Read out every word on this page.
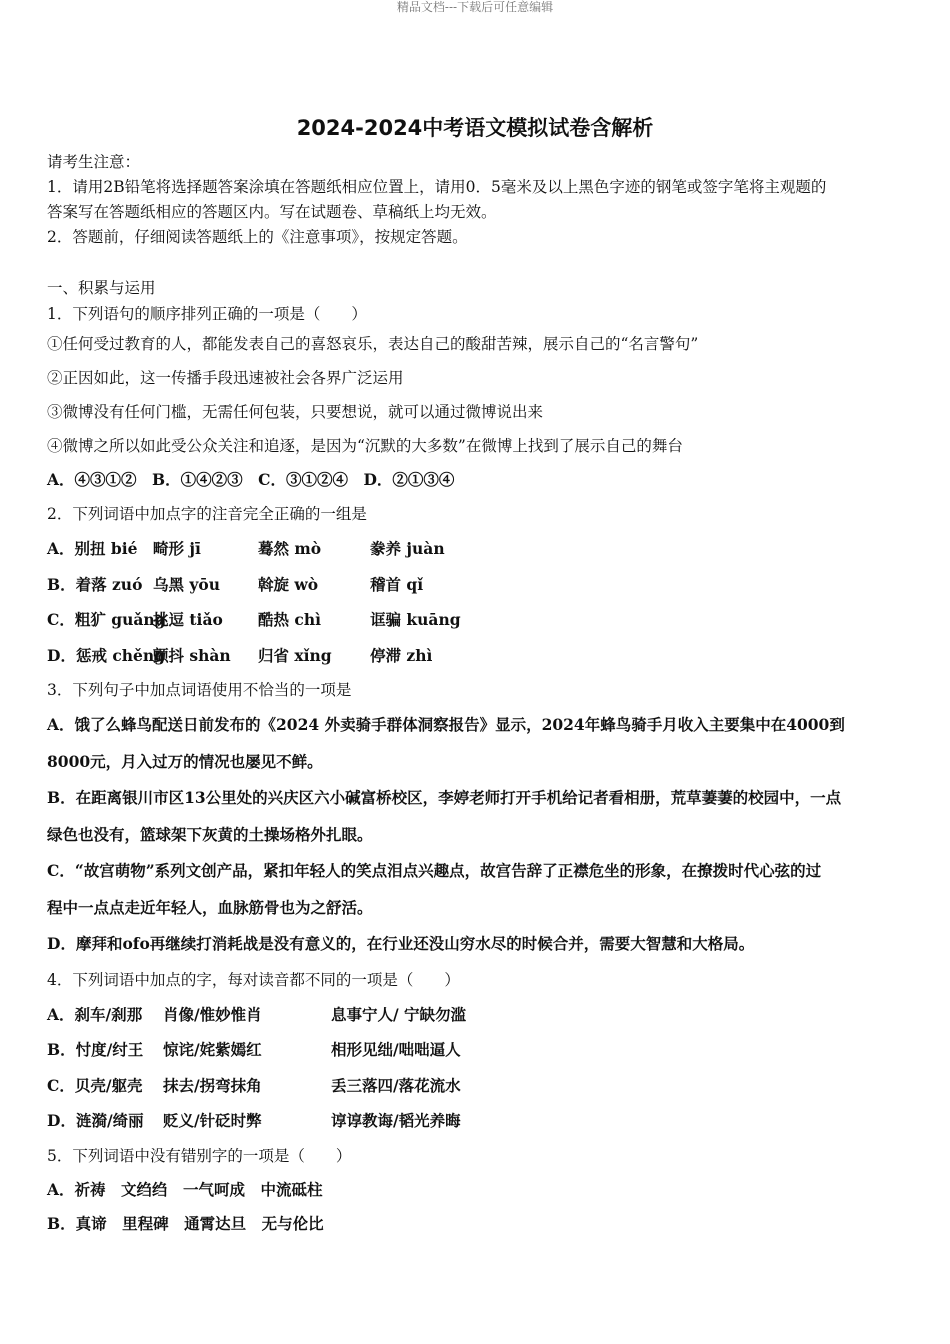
精品文档---下载后可任意编辑
2024-2024中考语文模拟试卷含解析
请考生注意：
1．请用2B铅笔将选择题答案涂填在答题纸相应位置上，请用0．5毫米及以上黑色字迹的钢笔或签字笔将主观题的
答案写在答题纸相应的答题区内。写在试题卷、草稿纸上均无效。
2．答题前，仔细阅读答题纸上的《注意事项》，按规定答题。
一、积累与运用
1．下列语句的顺序排列正确的一项是（　　）
①任何受过教育的人，都能发表自己的喜怒哀乐，表达自己的酸甜苦辣，展示自己的“名言警句”
②正因如此，这一传播手段迅速被社会各界广泛运用
③微博没有任何门槛，无需任何包装，只要想说，就可以通过微博说出来
④微博之所以如此受公众关注和追逐，是因为“沉默的大多数”在微博上找到了展示自己的舞台
A．④③①②　B．①④②③　C．③①②④　D．②①③④
2．下列词语中加点字的注音完全正确的一组是
A．别扭 bié 畸形 jī	蓦然 mò	豢养 juàn
B．着落 zuó 乌黑 yōu 斡旋 wò	稽首 qǐ
C．粗犷 guǎng挑逗 tiǎo 酷热 chì	诓骗 kuāng
D．惩戒 chěng颤抖 shàn 归省 xǐng 停滞 zhì
3．下列句子中加点词语使用不恰当的一项是
A．饿了么蜂鸟配送日前发布的《2024 外卖骑手群体洞察报告》显示，2024年蜂鸟骑手月收入主要集中在4000到
8000元，月入过万的情况也屡见不鲜。
B．在距离银川市区13公里处的兴庆区六小碱富桥校区，李婷老师打开手机给记者看相册，荒草萋萋的校园中，一点
绿色也没有，篮球架下灰黄的土操场格外扎眼。
C．“故宫萌物”系列文创产品，紧扣年轻人的笑点泪点兴趣点，故宫告辞了正襟危坐的形象，在撩拨时代心弦的过
程中一点点走近年轻人，血脉筋骨也为之舒活。
D．摩拜和ofo再继续打消耗战是没有意义的，在行业还没山穷水尽的时候合并，需要大智慧和大格局。
4．下列词语中加点的字，每对读音都不同的一项是（　　）
A．刹车/刹那 肖像/惟妙惟肖	息事宁人/ 宁缺勿滥
B．忖度/纣王 惊诧/姹紫嫣红	相形见绌/咄咄逼人
C．贝壳/躯壳 抹去/拐弯抹角	丢三落四/落花流水
D．涟漪/绮丽 贬义/针砭时弊	谆谆教诲/韬光养晦
5．下列词语中没有错别字的一项是（　　）
A．祈祷　文绉绉　一气呵成　中流砥柱
B．真谛　里程碑　通霄达旦　无与伦比
